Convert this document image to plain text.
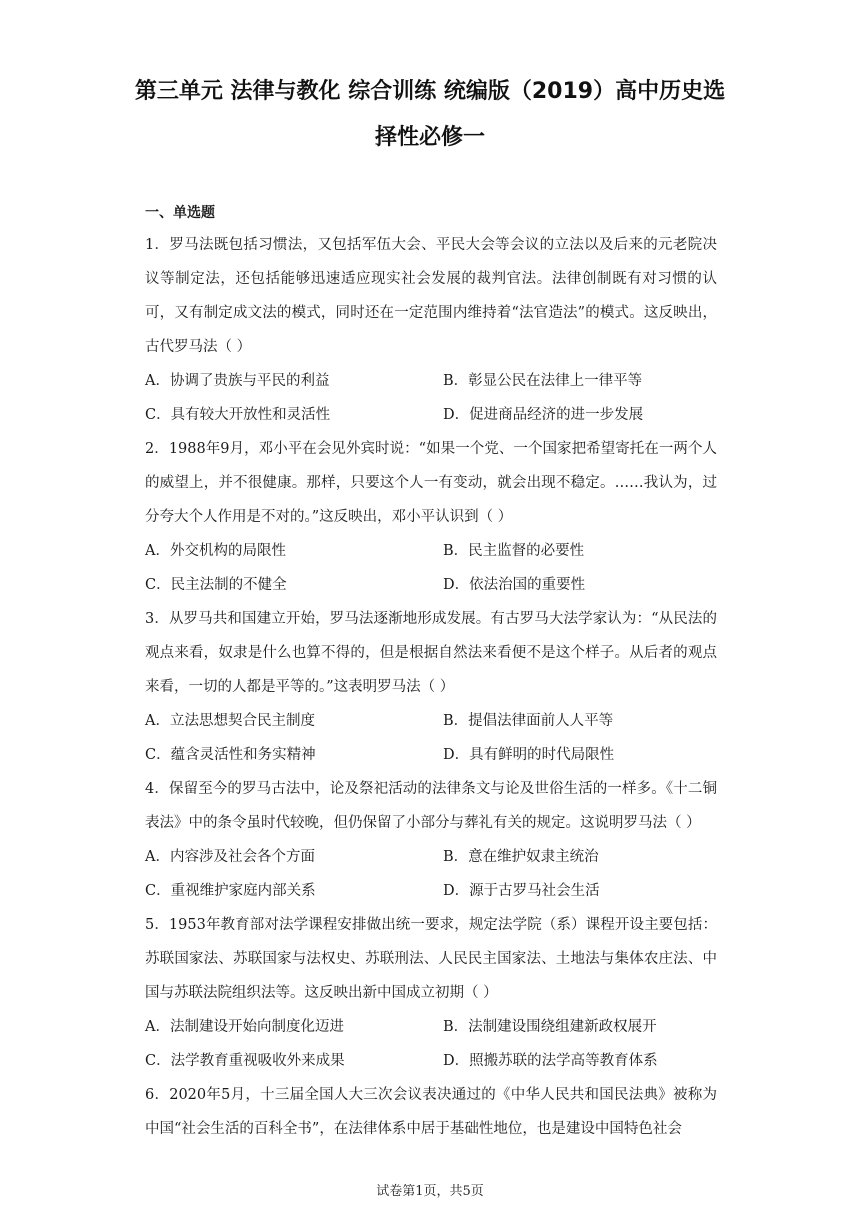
第三单元 法律与教化 综合训练 统编版（2019）高中历史选
择性必修一
一、单选题

1．罗马法既包括习惯法，又包括军伍大会、平民大会等会议的立法以及后来的元老院决议等制定法，还包括能够迅速适应现实社会发展的裁判官法。法律创制既有对习惯的认可，又有制定成文法的模式，同时还在一定范围内维持着“法官造法”的模式。这反映出，古代罗马法（ ）

A．协调了贵族与平民的利益	B．彰显公民在法律上一律平等
C．具有较大开放性和灵活性	D．促进商品经济的进一步发展

2．1988年9月，邓小平在会见外宾时说：“如果一个党、一个国家把希望寄托在一两个人的威望上，并不很健康。那样，只要这个人一有变动，就会出现不稳定。……我认为，过分夸大个人作用是不对的。”这反映出，邓小平认识到（ ）

A．外交机构的局限性	B．民主监督的必要性
C．民主法制的不健全	D．依法治国的重要性

3．从罗马共和国建立开始，罗马法逐渐地形成发展。有古罗马大法学家认为：“从民法的观点来看，奴隶是什么也算不得的，但是根据自然法来看便不是这个样子。从后者的观点来看，一切的人都是平等的。”这表明罗马法（ ）

A．立法思想契合民主制度	B．提倡法律面前人人平等
C．蕴含灵活性和务实精神	D．具有鲜明的时代局限性

4．保留至今的罗马古法中，论及祭祀活动的法律条文与论及世俗生活的一样多。《十二铜表法》中的条令虽时代较晚，但仍保留了小部分与葬礼有关的规定。这说明罗马法（ ）

A．内容涉及社会各个方面	B．意在维护奴隶主统治
C．重视维护家庭内部关系	D．源于古罗马社会生活

5．1953年教育部对法学课程安排做出统一要求，规定法学院（系）课程开设主要包括：苏联国家法、苏联国家与法权史、苏联刑法、人民民主国家法、土地法与集体农庄法、中国与苏联法院组织法等。这反映出新中国成立初期（ ）

A．法制建设开始向制度化迈进	B．法制建设围绕组建新政权展开
C．法学教育重视吸收外来成果	D．照搬苏联的法学高等教育体系

6．2020年5月，十三届全国人大三次会议表决通过的《中华人民共和国民法典》被称为中国“社会生活的百科全书”，在法律体系中居于基础性地位，也是建设中国特色社会

试卷第1页，共5页
